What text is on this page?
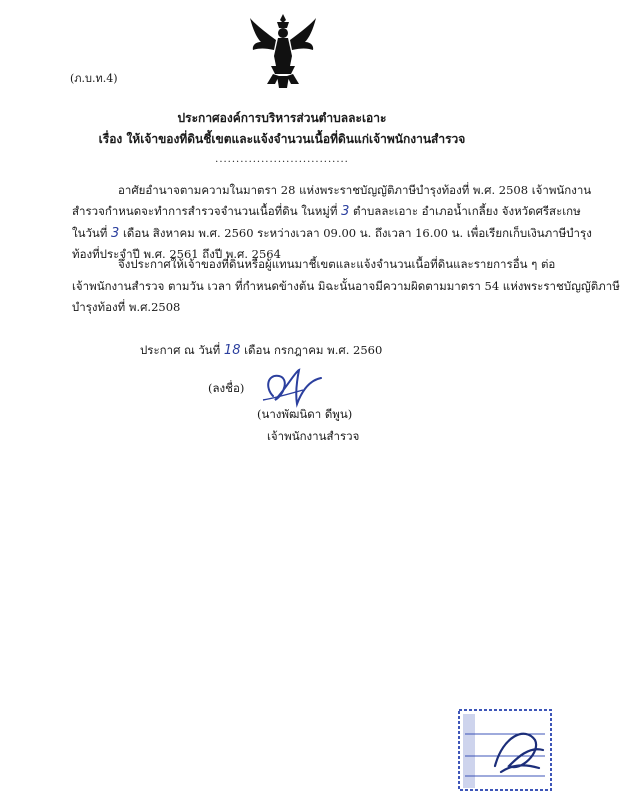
(ภ.บ.ท.4)
ประกาศองค์การบริหารส่วนตำบลละเอาะ
เรื่อง ให้เจ้าของที่ดินชี้เขตและแจ้งจำนวนเนื้อที่ดินแก่เจ้าพนักงานสำรวจ
................................
อาศัยอำนาจตามความในมาตรา 28 แห่งพระราชบัญญัติภาษีบำรุงท้องที่ พ.ศ. 2508 เจ้าพนักงาน
สำรวจกำหนดจะทำการสำรวจจำนวนเนื้อที่ดิน ในหมู่ที่ 3 ตำบลละเอาะ อำเภอน้ำเกลี้ยง จังหวัดศรีสะเกษ
ในวันที่ 3 เดือน สิงหาคม พ.ศ. 2560 ระหว่างเวลา 09.00 น. ถึงเวลา 16.00 น. เพื่อเรียกเก็บเงินภาษีบำรุง
ท้องที่ประจำปี พ.ศ. 2561 ถึงปี พ.ศ. 2564
จึงประกาศให้เจ้าของที่ดินหรือผู้แทนมาชี้เขตและแจ้งจำนวนเนื้อที่ดินและรายการอื่น ๆ ต่อ
เจ้าพนักงานสำรวจ ตามวัน เวลา ที่กำหนดข้างต้น มิฉะนั้นอาจมีความผิดตามมาตรา 54 แห่งพระราชบัญญัติภาษี
บำรุงท้องที่ พ.ศ.2508
ประกาศ ณ วันที่ 18 เดือน กรกฎาคม พ.ศ. 2560
(ลงชื่อ)
(นางพัฒนิดา ดีพูน)
เจ้าพนักงานสำรวจ
